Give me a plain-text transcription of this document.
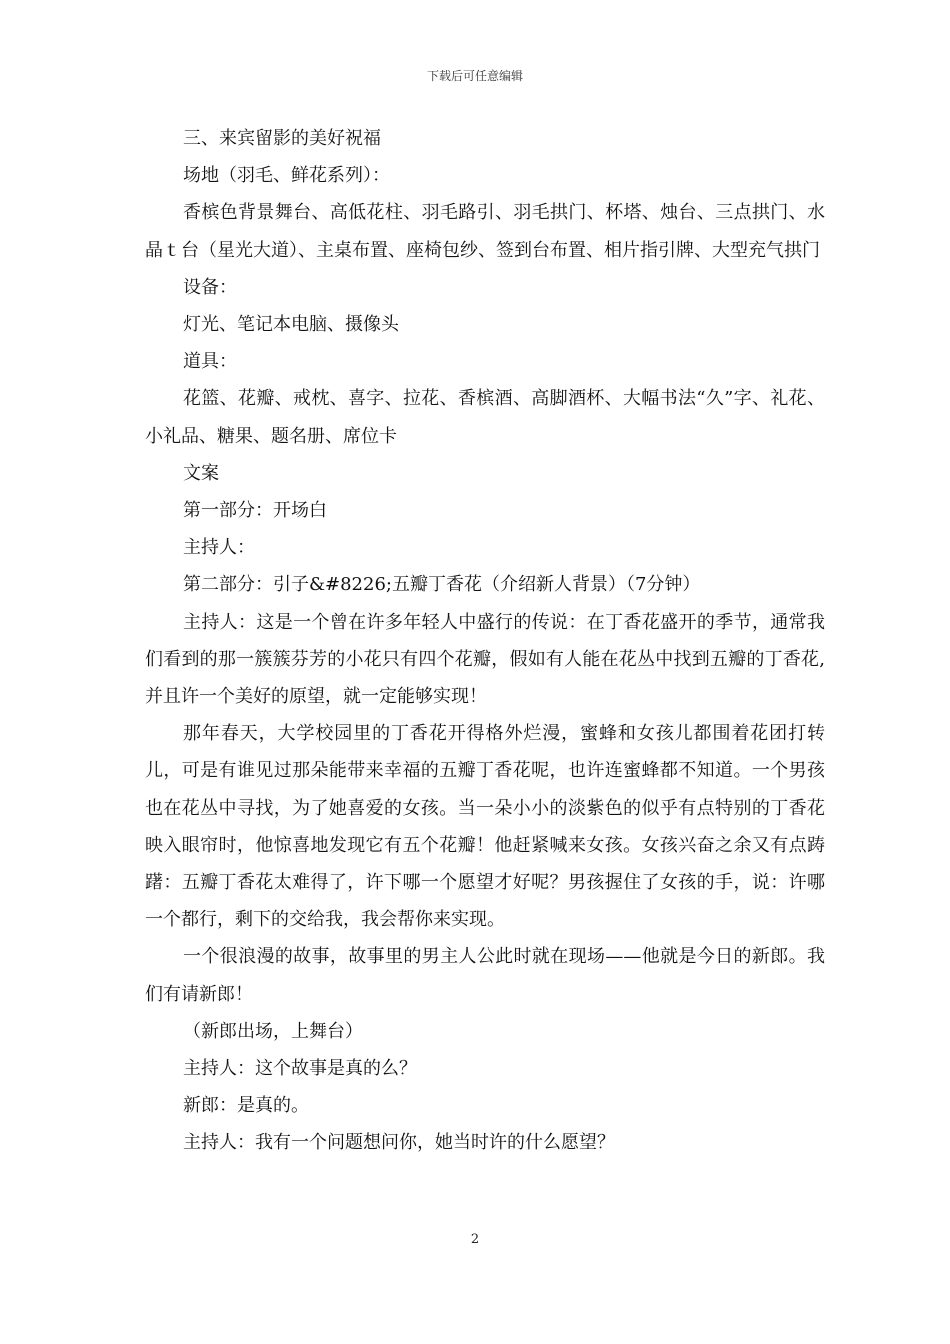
下载后可任意编辑

三、来宾留影的美好祝福

场地（羽毛、鲜花系列）：

香槟色背景舞台、高低花柱、羽毛路引、羽毛拱门、杯塔、烛台、三点拱门、水晶ｔ台（星光大道）、主桌布置、座椅包纱、签到台布置、相片指引牌、大型充气拱门

设备：

灯光、笔记本电脑、摄像头

道具：

花篮、花瓣、戒枕、喜字、拉花、香槟酒、高脚酒杯、大幅书法“久”字、礼花、小礼品、糖果、题名册、席位卡

文案

第一部分：开场白

主持人：

第二部分：引子&#8226;五瓣丁香花（介绍新人背景）（7分钟）

主持人：这是一个曾在许多年轻人中盛行的传说：在丁香花盛开的季节，通常我们看到的那一簇簇芬芳的小花只有四个花瓣，假如有人能在花丛中找到五瓣的丁香花,并且许一个美好的原望，就一定能够实现！

那年春天，大学校园里的丁香花开得格外烂漫，蜜蜂和女孩儿都围着花团打转儿，可是有谁见过那朵能带来幸福的五瓣丁香花呢，也许连蜜蜂都不知道。一个男孩也在花丛中寻找，为了她喜爱的女孩。当一朵小小的淡紫色的似乎有点特别的丁香花映入眼帘时，他惊喜地发现它有五个花瓣！他赶紧喊来女孩。女孩兴奋之余又有点踌躇：五瓣丁香花太难得了，许下哪一个愿望才好呢？男孩握住了女孩的手，说：许哪一个都行，剩下的交给我，我会帮你来实现。

一个很浪漫的故事，故事里的男主人公此时就在现场——他就是今日的新郎。我们有请新郎！

（新郎出场，上舞台）

主持人：这个故事是真的么？

新郎：是真的。

主持人：我有一个问题想问你，她当时许的什么愿望？

2
